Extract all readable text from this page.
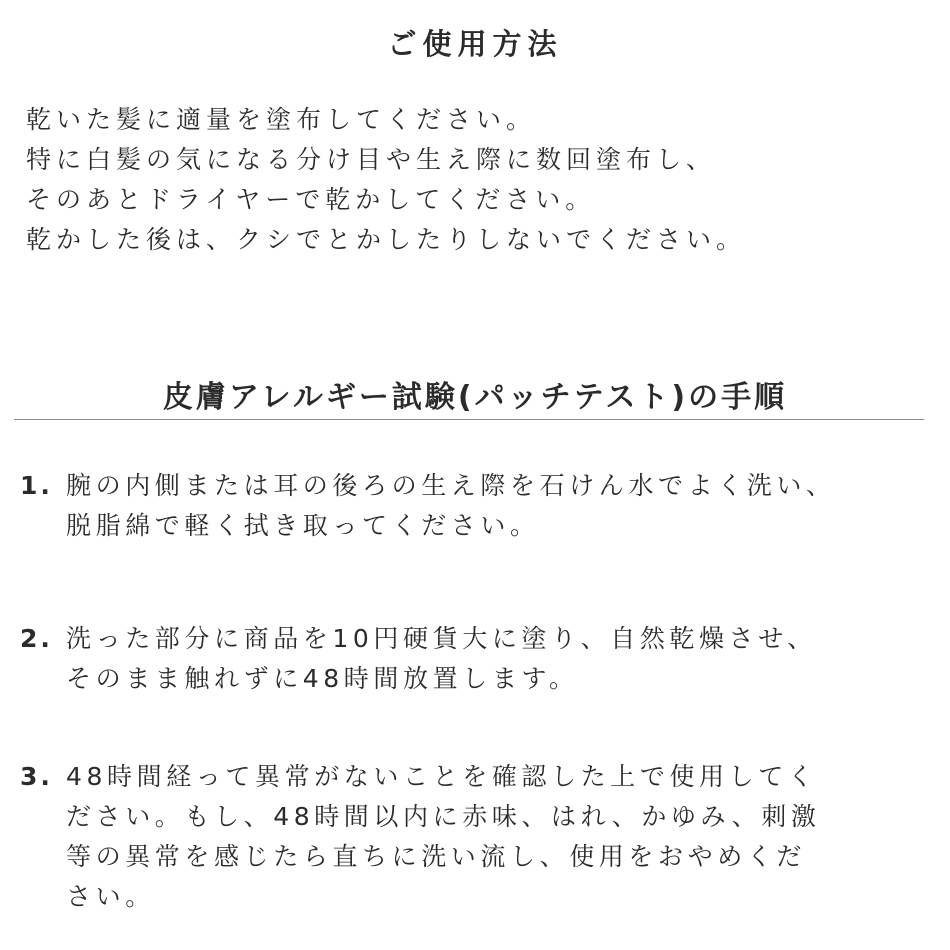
ご使用方法
乾いた髪に適量を塗布してください。
特に白髪の気になる分け目や生え際に数回塗布し、
そのあとドライヤーで乾かしてください。
乾かした後は、クシでとかしたりしないでください。
皮膚アレルギー試験(パッチテスト)の手順
1. 腕の内側または耳の後ろの生え際を石けん水でよく洗い、
脱脂綿で軽く拭き取ってください。
2. 洗った部分に商品を10円硬貨大に塗り、自然乾燥させ、
そのまま触れずに48時間放置します。
3. 48時間経って異常がないことを確認した上で使用してく
ださい。もし、48時間以内に赤味、はれ、かゆみ、刺激
等の異常を感じたら直ちに洗い流し、使用をおやめくだ
さい。
